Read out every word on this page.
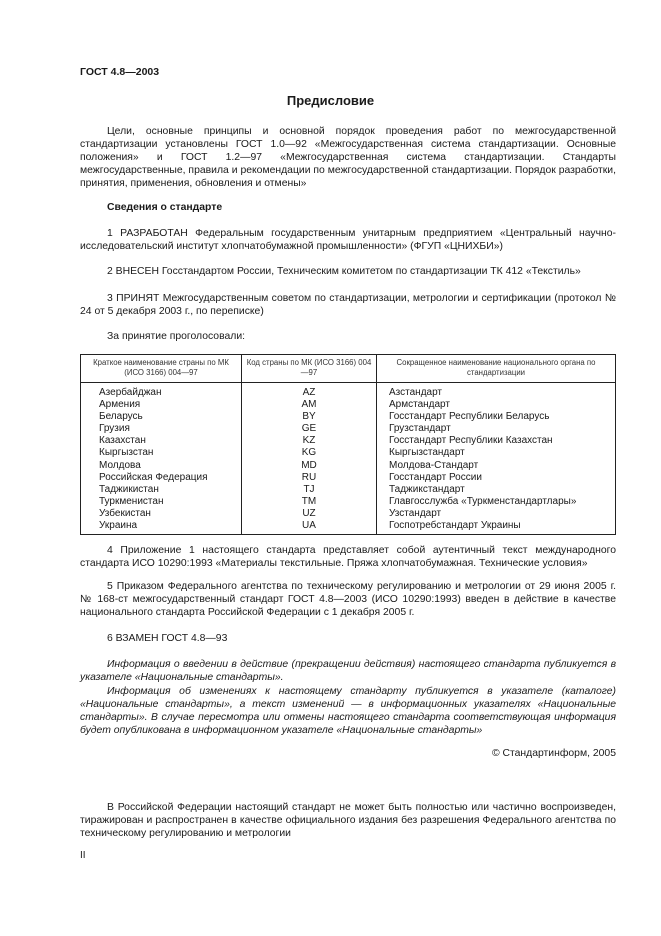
ГОСТ 4.8—2003
Предисловие

Цели, основные принципы и основной порядок проведения работ по межгосударственной стандартизации установлены ГОСТ 1.0—92 «Межгосударственная система стандартизации. Основные положения» и ГОСТ 1.2—97 «Межгосударственная система стандартизации. Стандарты межгосударственные, правила и рекомендации по межгосударственной стандартизации. Порядок разработки, принятия, применения, обновления и отмены»

Сведения о стандарте

1 РАЗРАБОТАН Федеральным государственным унитарным предприятием «Центральный научно-исследовательский институт хлопчатобумажной промышленности» (ФГУП «ЦНИХБИ»)

2 ВНЕСЕН Госстандартом России, Техническим комитетом по стандартизации ТК 412 «Текстиль»

3 ПРИНЯТ Межгосударственным советом по стандартизации, метрологии и сертификации (протокол № 24 от 5 декабря 2003 г., по переписке)

За принятие проголосовали:

Краткое наименование страны по МК (ИСО 3166) 004—97	Код страны по МК (ИСО 3166) 004—97	Сокращенное наименование национального органа по стандартизации
Азербайджан	AZ	Азстандарт
Армения	AM	Армстандарт
Беларусь	BY	Госстандарт Республики Беларусь
Грузия	GE	Грузстандарт
Казахстан	KZ	Госстандарт Республики Казахстан
Кыргызстан	KG	Кыргызстандарт
Молдова	MD	Молдова-Стандарт
Российская Федерация	RU	Госстандарт России
Таджикистан	TJ	Таджикстандарт
Туркменистан	TM	Главгосслужба «Туркменстандартлары»
Узбекистан	UZ	Узстандарт
Украина	UA	Госпотребстандарт Украины

4 Приложение 1 настоящего стандарта представляет собой аутентичный текст международного стандарта ИСО 10290:1993 «Материалы текстильные. Пряжа хлопчатобумажная. Технические условия»

5 Приказом Федерального агентства по техническому регулированию и метрологии от 29 июня 2005 г. № 168-ст межгосударственный стандарт ГОСТ 4.8—2003 (ИСО 10290:1993) введен в действие в качестве национального стандарта Российской Федерации с 1 декабря 2005 г.

6 ВЗАМЕН ГОСТ 4.8—93

Информация о введении в действие (прекращении действия) настоящего стандарта публикуется в указателе «Национальные стандарты».

Информация об изменениях к настоящему стандарту публикуется в указателе (каталоге) «Национальные стандарты», а текст изменений — в информационных указателях «Национальные стандарты». В случае пересмотра или отмены настоящего стандарта соответствующая информация будет опубликована в информационном указателе «Национальные стандарты»

© Стандартинформ, 2005

В Российской Федерации настоящий стандарт не может быть полностью или частично воспроизведен, тиражирован и распространен в качестве официального издания без разрешения Федерального агентства по техническому регулированию и метрологии

II
